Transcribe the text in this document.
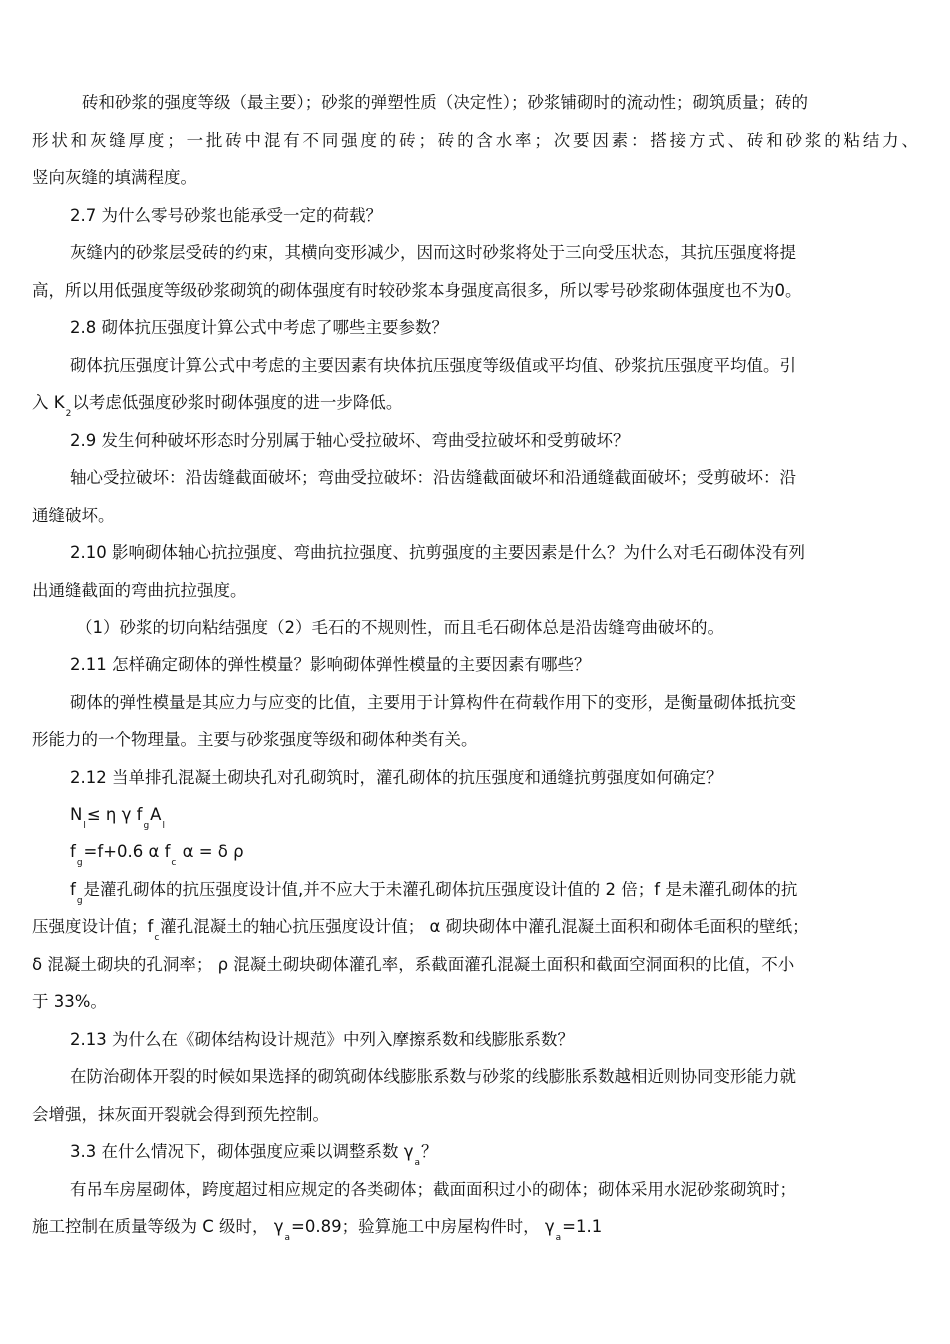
砖和砂浆的强度等级（最主要）；砂浆的弹塑性质（决定性）；砂浆铺砌时的流动性；砌筑质量；砖的
形状和灰缝厚度；一批砖中混有不同强度的砖；砖的含水率；次要因素：搭接方式、砖和砂浆的粘结力、
竖向灰缝的填满程度。
2.7 为什么零号砂浆也能承受一定的荷载？
灰缝内的砂浆层受砖的约束，其横向变形减少，因而这时砂浆将处于三向受压状态，其抗压强度将提
高，所以用低强度等级砂浆砌筑的砌体强度有时较砂浆本身强度高很多，所以零号砂浆砌体强度也不为0。
2.8 砌体抗压强度计算公式中考虑了哪些主要参数？
砌体抗压强度计算公式中考虑的主要因素有块体抗压强度等级值或平均值、砂浆抗压强度平均值。引
入 $K_2$以考虑低强度砂浆时砌体强度的进一步降低。
2.9 发生何种破坏形态时分别属于轴心受拉破坏、弯曲受拉破坏和受剪破坏？
轴心受拉破坏：沿齿缝截面破坏；弯曲受拉破坏：沿齿缝截面破坏和沿通缝截面破坏；受剪破坏：沿
通缝破坏。
2.10 影响砌体轴心抗拉强度、弯曲抗拉强度、抗剪强度的主要因素是什么？为什么对毛石砌体没有列
出通缝截面的弯曲抗拉强度。
（1）砂浆的切向粘结强度（2）毛石的不规则性，而且毛石砌体总是沿齿缝弯曲破坏的。
2.11 怎样确定砌体的弹性模量？影响砌体弹性模量的主要因素有哪些？
砌体的弹性模量是其应力与应变的比值，主要用于计算构件在荷载作用下的变形，是衡量砌体抵抗变
形能力的一个物理量。主要与砂浆强度等级和砌体种类有关。
2.12 当单排孔混凝土砌块孔对孔砌筑时，灌孔砌体的抗压强度和通缝抗剪强度如何确定？
$N_l\le \eta$ γ $f_gA_l$
$f_g=f+0.6$ α $f_c$ α = δ ρ
$f_g$是灌孔砌体的抗压强度设计值,并不应大于未灌孔砌体抗压强度设计值的 2 倍；f 是未灌孔砌体的抗
压强度设计值；$f_c$灌孔混凝土的轴心抗压强度设计值； α 砌块砌体中灌孔混凝土面积和砌体毛面积的壁纸；
δ 混凝土砌块的孔洞率； ρ 混凝土砌块砌体灌孔率，系截面灌孔混凝土面积和截面空洞面积的比值，不小
于 33%。
2.13 为什么在《砌体结构设计规范》中列入摩擦系数和线膨胀系数？
在防治砌体开裂的时候如果选择的砌筑砌体线膨胀系数与砂浆的线膨胀系数越相近则协同变形能力就
会增强，抹灰面开裂就会得到预先控制。
3.3 在什么情况下，砌体强度应乘以调整系数 $\gamma_a$？
有吊车房屋砌体，跨度超过相应规定的各类砌体；截面面积过小的砌体；砌体采用水泥砂浆砌筑时；
施工控制在质量等级为 C 级时， $\gamma_a=0.89$；验算施工中房屋构件时， $\gamma_a=1.1$
